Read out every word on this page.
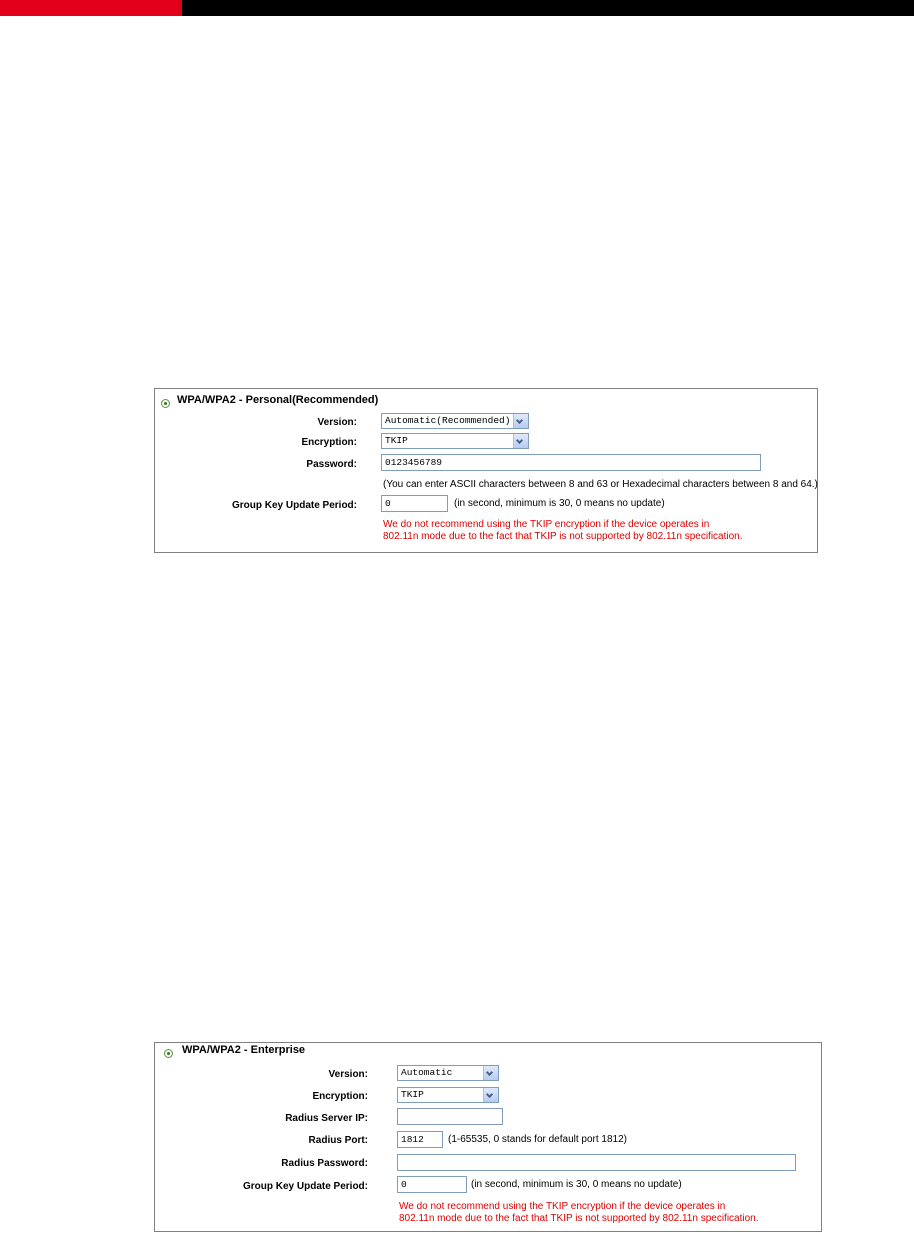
WPA/WPA2 - Personal(Recommended)
Version:	Automatic(Recommended)
Encryption:	TKIP
Password:	0123456789
(You can enter ASCII characters between 8 and 63 or Hexadecimal characters between 8 and 64.)
Group Key Update Period:	0	(in second, minimum is 30, 0 means no update)
We do not recommend using the TKIP encryption if the device operates in
802.11n mode due to the fact that TKIP is not supported by 802.11n specification.
WPA/WPA2 - Enterprise
Version:	Automatic
Encryption:	TKIP
Radius Server IP:
Radius Port:	1812	(1-65535, 0 stands for default port 1812)
Radius Password:
Group Key Update Period:	0	(in second, minimum is 30, 0 means no update)
We do not recommend using the TKIP encryption if the device operates in
802.11n mode due to the fact that TKIP is not supported by 802.11n specification.
